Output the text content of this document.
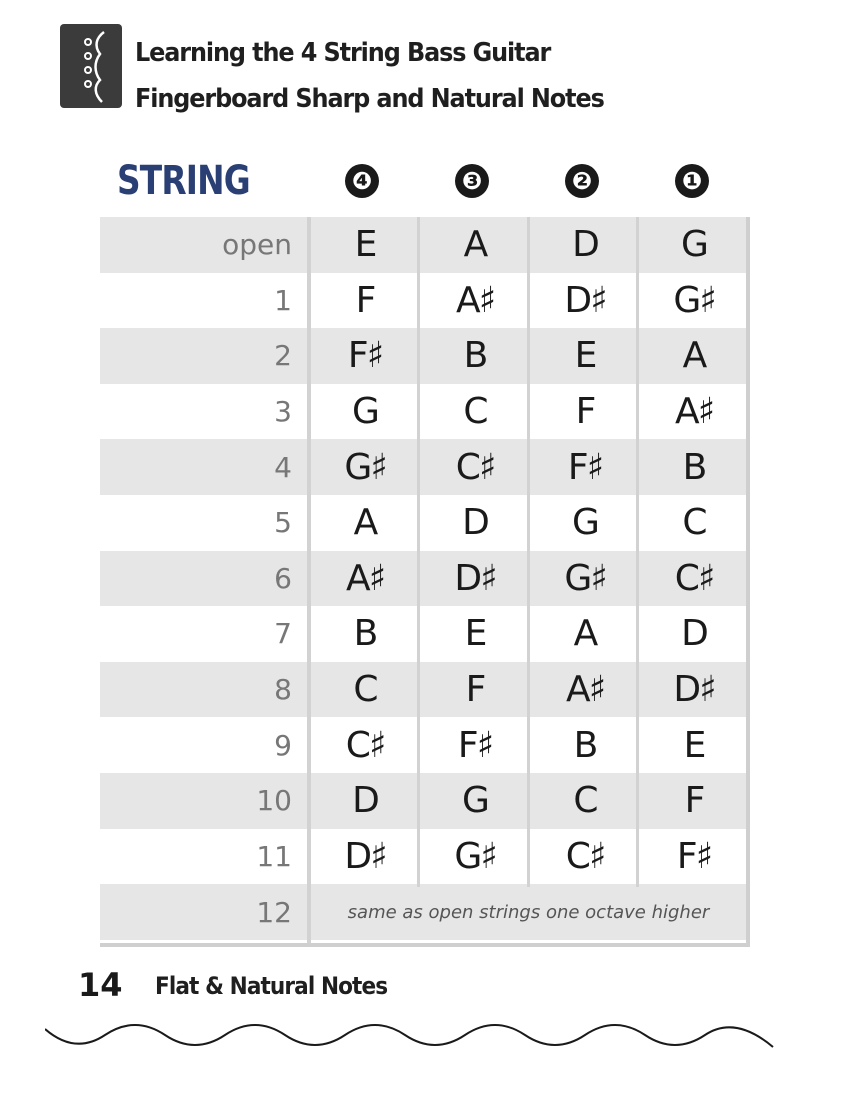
Learning the 4 String Bass Guitar
Fingerboard Sharp and Natural Notes
STRING	❹	❸	❷	❶
open	E	A	D	G
1	F	A♯	D♯	G♯
2	F♯	B	E	A
3	G	C	F	A♯
4	G♯	C♯	F♯	B
5	A	D	G	C
6	A♯	D♯	G♯	C♯
7	B	E	A	D
8	C	F	A♯	D♯
9	C♯	F♯	B	E
10	D	G	C	F
11	D♯	G♯	C♯	F♯
12	same as open strings one octave higher
14 Flat & Natural Notes
